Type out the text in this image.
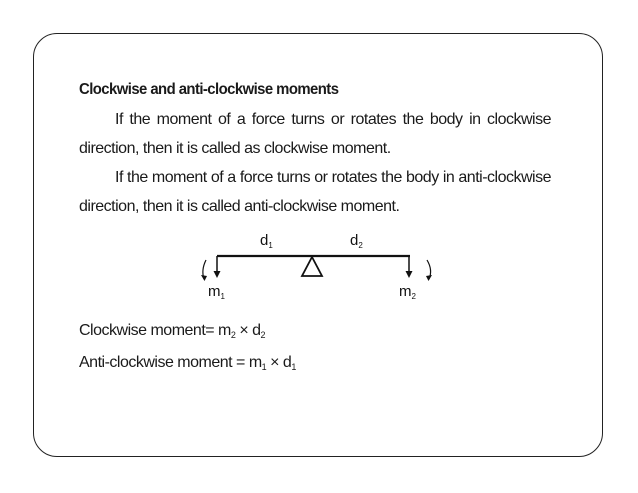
Clockwise and anti-clockwise moments

If the moment of a force turns or rotates the body in clockwise
direction, then it is called as clockwise moment.

If the moment of a force turns or rotates the body in anti-clockwise
direction, then it is called anti-clockwise moment.

$d_1$	$d_2$
$m_1$	$m_2$
Clockwise moment= $m_2 \times d_2$
Anti-clockwise moment = $m_1 \times d_1$
